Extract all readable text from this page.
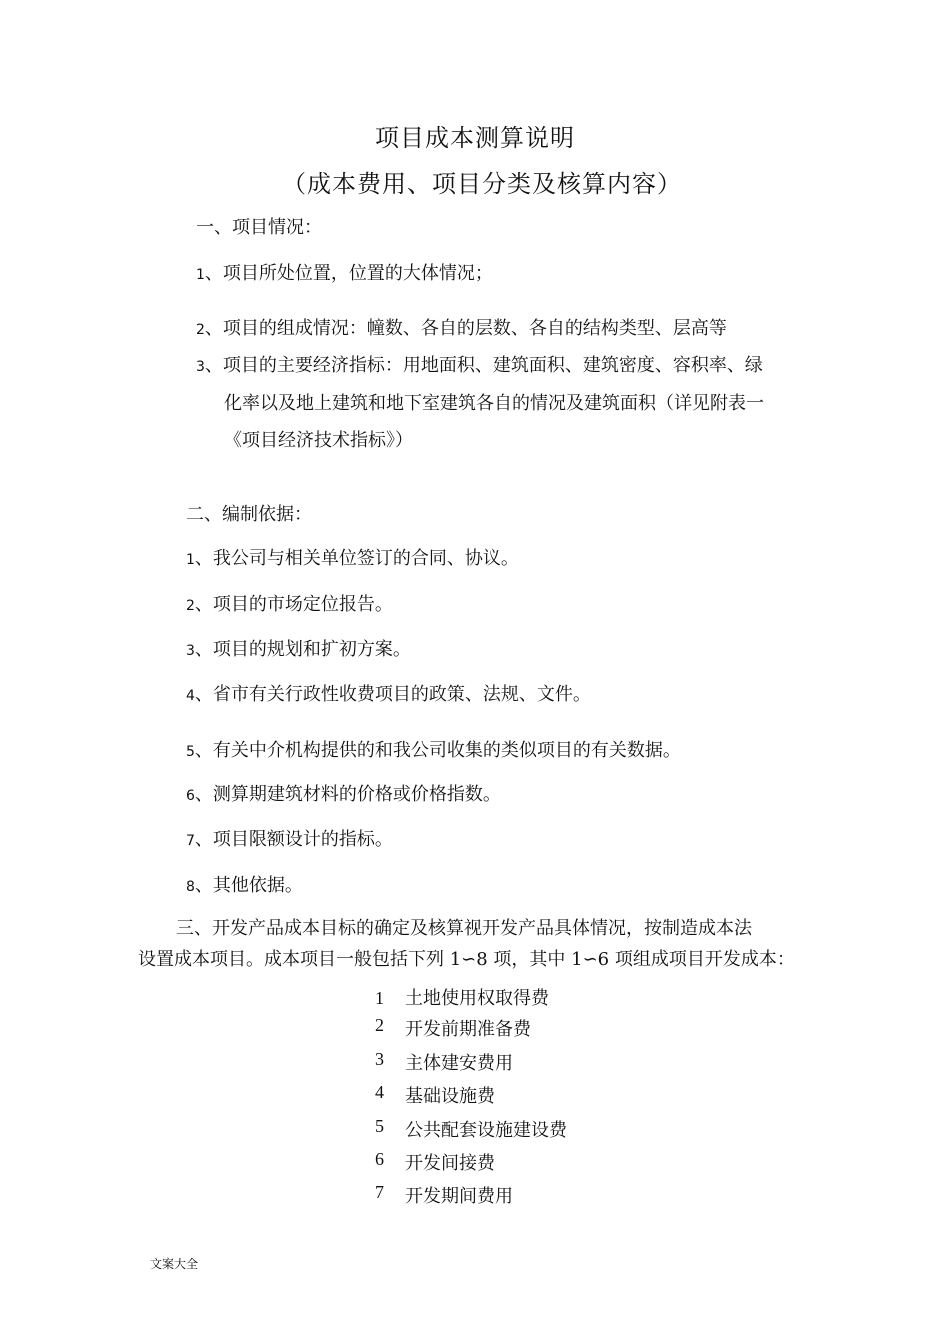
项目成本测算说明
（成本费用、项目分类及核算内容）
一、项目情况：
1、项目所处位置，位置的大体情况；
2、项目的组成情况：幢数、各自的层数、各自的结构类型、层高等
3、项目的主要经济指标：用地面积、建筑面积、建筑密度、容积率、绿
化率以及地上建筑和地下室建筑各自的情况及建筑面积（详见附表一
《项目经济技术指标》）
二、编制依据：
1、我公司与相关单位签订的合同、协议。
2、项目的市场定位报告。
3、项目的规划和扩初方案。
4、省市有关行政性收费项目的政策、法规、文件。
5、有关中介机构提供的和我公司收集的类似项目的有关数据。
6、测算期建筑材料的价格或价格指数。
7、项目限额设计的指标。
8、其他依据。
三、开发产品成本目标的确定及核算视开发产品具体情况，按制造成本法
设置成本项目。成本项目一般包括下列 1∽8 项，其中 1∽6 项组成项目开发成本：
1 土地使用权取得费
2 开发前期准备费
3 主体建安费用
4 基础设施费
5 公共配套设施建设费
6 开发间接费
7 开发期间费用
文案大全
